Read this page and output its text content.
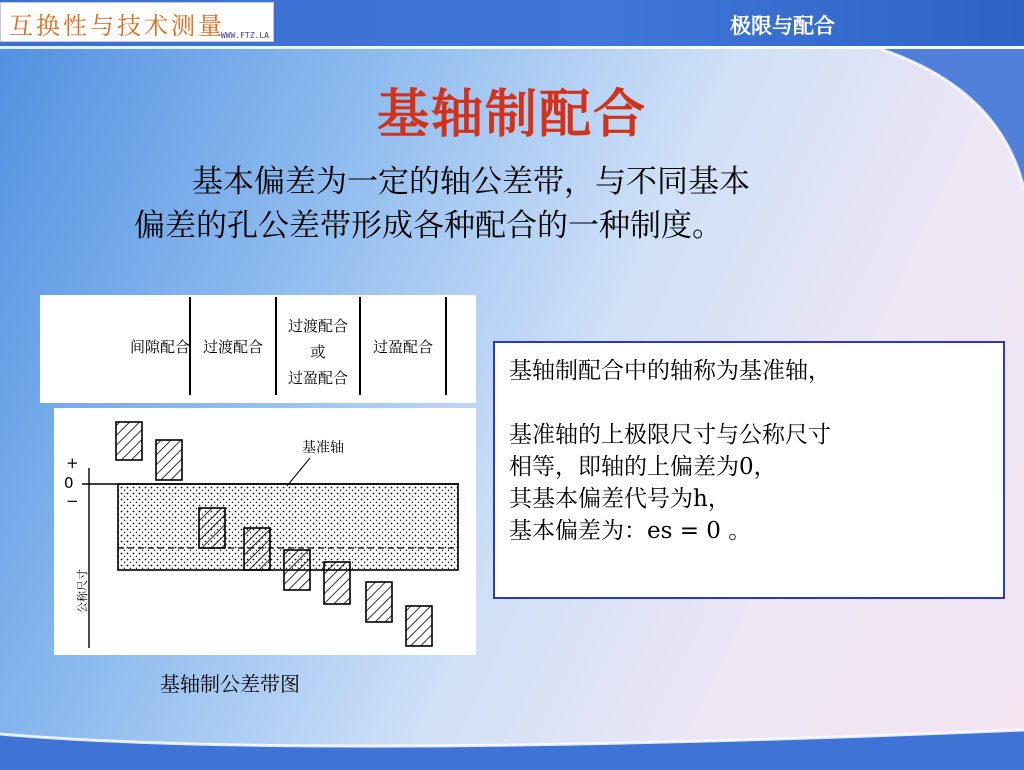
互换性与技术测量
WWW.FTZ.LA	极限与配合
基轴制配合
基本偏差为一定的轴公差带，与不同基本
偏差的孔公差带形成各种配合的一种制度。
间隙配合 过渡配合
过渡配合
或
过盈配合
过盈配合
+
0
−
公称尺寸
基准轴
基轴制公差带图
基轴制配合中的轴称为基准轴，
基准轴的上极限尺寸与公称尺寸
相等，即轴的上偏差为0，
其基本偏差代号为h，
基本偏差为：es = 0 。
